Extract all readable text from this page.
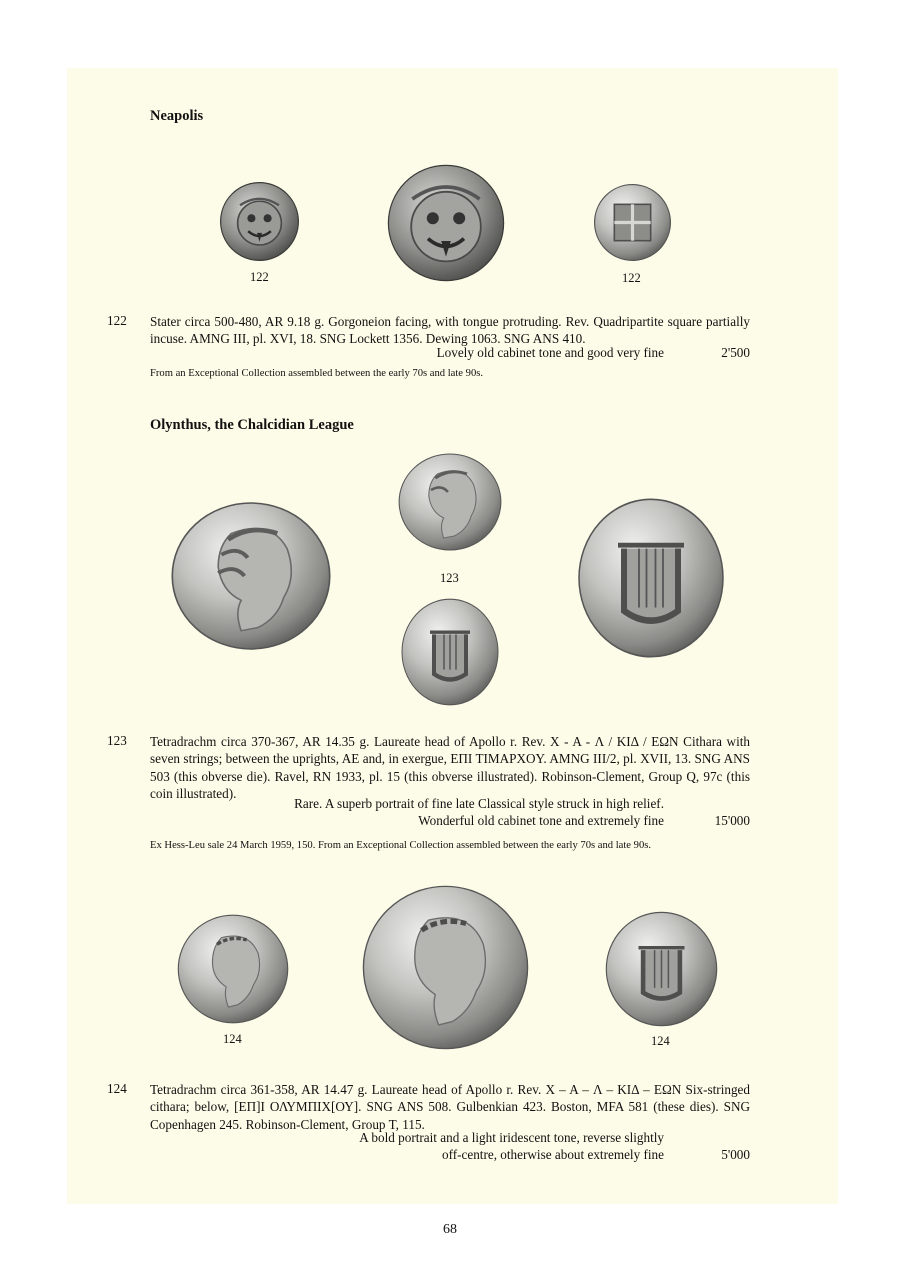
Neapolis
122	122
122 Stater circa 500-480, AR 9.18 g. Gorgoneion facing, with tongue protruding. Rev. Quadripartite square partially incuse. AMNG III, pl. XVI, 18. SNG Lockett 1356. Dewing 1063. SNG ANS 410.
Lovely old cabinet tone and good very fine	2'500
From an Exceptional Collection assembled between the early 70s and late 90s.
Olynthus, the Chalcidian League
123
123 Tetradrachm circa 370-367, AR 14.35 g. Laureate head of Apollo r. Rev. X - A - Λ / KIΔ / EΩN Cithara with seven strings; between the uprights, AE and, in exergue, EΠI TIMAPXOY. AMNG III/2, pl. XVII, 13. SNG ANS 503 (this obverse die). Ravel, RN 1933, pl. 15 (this obverse illustrated). Robinson-Clement, Group Q, 97c (this coin illustrated).
Rare. A superb portrait of fine late Classical style struck in high relief.
Wonderful old cabinet tone and extremely fine	15'000
Ex Hess-Leu sale 24 March 1959, 150. From an Exceptional Collection assembled between the early 70s and late 90s.
124	124
124 Tetradrachm circa 361-358, AR 14.47 g. Laureate head of Apollo r. Rev. X – A – Λ – KIΔ – EΩN Six-stringed cithara; below, [EΠ]I ΟΛΥΜΠΙΧ[ΟΥ]. SNG ANS 508. Gulbenkian 423. Boston, MFA 581 (these dies). SNG Copenhagen 245. Robinson-Clement, Group T, 115.
A bold portrait and a light iridescent tone, reverse slightly
off-centre, otherwise about extremely fine	5'000
68
